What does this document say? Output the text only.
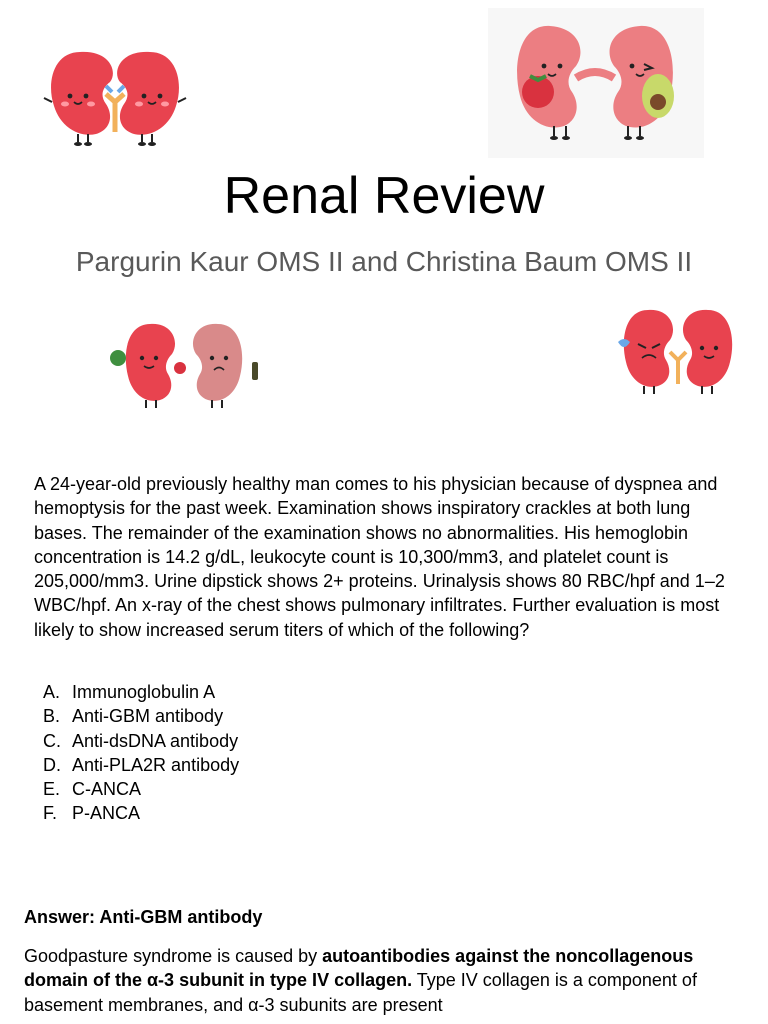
Renal Review
Pargurin Kaur OMS II and Christina Baum OMS II

A 24-year-old previously healthy man comes to his physician because of dyspnea and hemoptysis for the past week. Examination shows inspiratory crackles at both lung bases. The remainder of the examination shows no abnormalities. His hemoglobin concentration is 14.2 g/dL, leukocyte count is 10,300/mm3, and platelet count is 205,000/mm3. Urine dipstick shows 2+ proteins. Urinalysis shows 80 RBC/hpf and 1–2 WBC/hpf. An x-ray of the chest shows pulmonary infiltrates. Further evaluation is most likely to show increased serum titers of which of the following?

A. Immunoglobulin A
B. Anti-GBM antibody
C. Anti-dsDNA antibody
D. Anti-PLA2R antibody
E. C-ANCA
F. P-ANCA

Answer: Anti-GBM antibody

Goodpasture syndrome is caused by autoantibodies against the noncollagenous domain of the α-3 subunit in type IV collagen. Type IV collagen is a component of basement membranes, and α-3 subunits are present
